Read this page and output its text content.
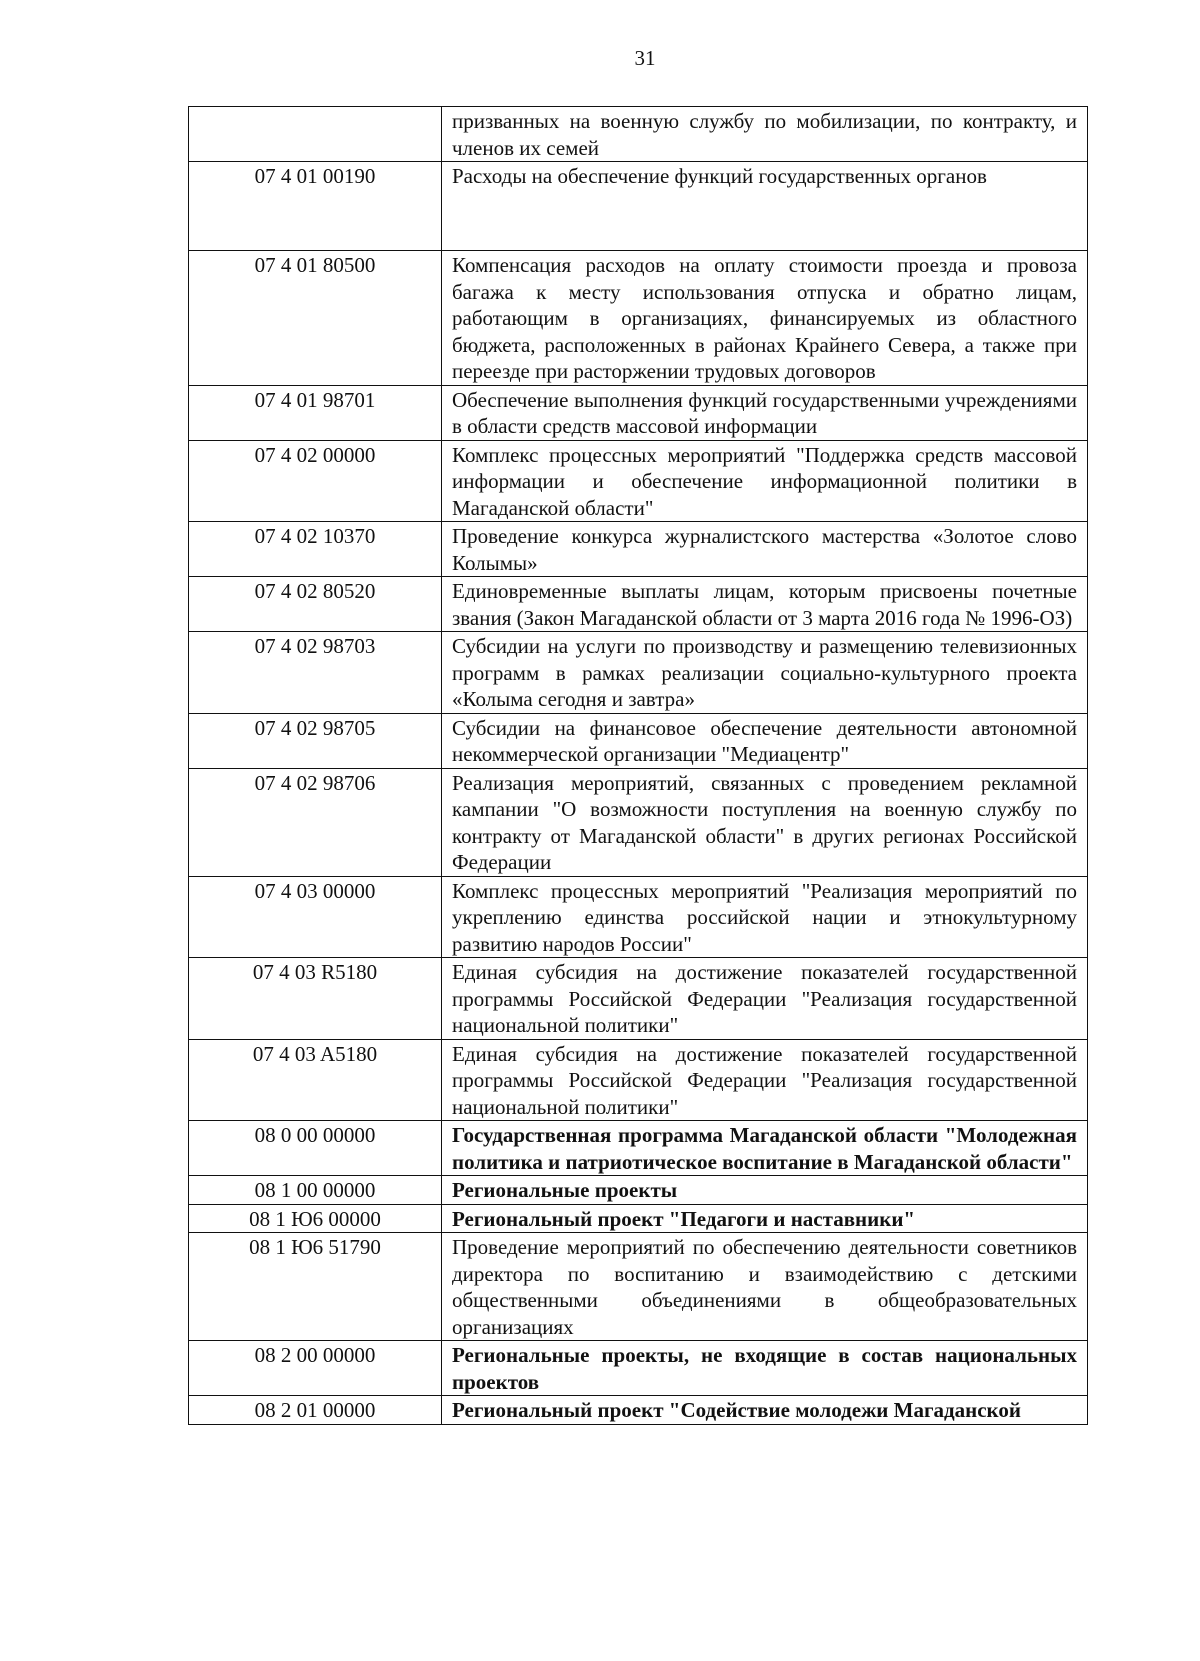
31

	призванных на военную службу по мобилизации, по контракту, и членов их семей

07 4 01 00190	Расходы на обеспечение функций государственных органов

07 4 01 80500	Компенсация расходов на оплату стоимости проезда и провоза багажа к месту использования отпуска и обратно лицам, работающим в организациях, финансируемых из областного бюджета, расположенных в районах Крайнего Севера, а также при переезде при расторжении трудовых договоров

07 4 01 98701	Обеспечение выполнения функций государственными учреждениями в области средств массовой информации

07 4 02 00000	Комплекс процессных мероприятий "Поддержка средств массовой информации и обеспечение информационной политики в Магаданской области"

07 4 02 10370	Проведение конкурса журналистского мастерства «Золотое слово Колымы»

07 4 02 80520	Единовременные выплаты лицам, которым присвоены почетные звания (Закон Магаданской области от 3 марта 2016 года № 1996-ОЗ)

07 4 02 98703	Субсидии на услуги по производству и размещению телевизионных программ в рамках реализации социально-культурного проекта «Колыма сегодня и завтра»

07 4 02 98705	Субсидии на финансовое обеспечение деятельности автономной некоммерческой организации "Медиацентр"

07 4 02 98706	Реализация мероприятий, связанных с проведением рекламной кампании "О возможности поступления на военную службу по контракту от Магаданской области" в других регионах Российской Федерации

07 4 03 00000	Комплекс процессных мероприятий "Реализация мероприятий по укреплению единства российской нации и этнокультурному развитию народов России"

07 4 03 R5180	Единая субсидия на достижение показателей государственной программы Российской Федерации "Реализация государственной национальной политики"

07 4 03 A5180	Единая субсидия на достижение показателей государственной программы Российской Федерации "Реализация государственной национальной политики"

08 0 00 00000	Государственная программа Магаданской области "Молодежная политика и патриотическое воспитание в Магаданской области"

08 1 00 00000	Региональные проекты

08 1 Ю6 00000	Региональный проект "Педагоги и наставники"

08 1 Ю6 51790	Проведение мероприятий по обеспечению деятельности советников директора по воспитанию и взаимодействию с детскими общественными объединениями в общеобразовательных организациях

08 2 00 00000	Региональные проекты, не входящие в состав национальных проектов

08 2 01 00000	Региональный проект "Содействие молодежи Магаданской
